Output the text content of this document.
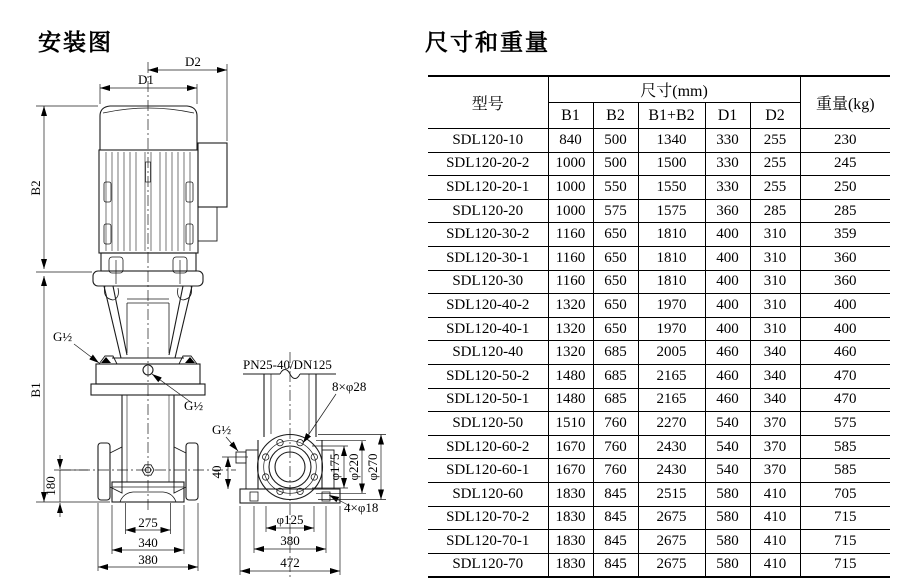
安装图	尺寸和重量
D2
D1
B2
B1
180
275
340
380
G½
G½
PN25-40/DN125
8×φ28
G½
40	φ175 φ220 φ270
φ125
380
472
4×φ18
型号	尺寸(mm)					重量(kg)
	B1	B2	B1+B2	D1	D2	
SDL120-10	840	500	1340	330	255	230
SDL120-20-2	1000	500	1500	330	255	245
SDL120-20-1	1000	550	1550	330	255	250
SDL120-20	1000	575	1575	360	285	285
SDL120-30-2	1160	650	1810	400	310	359
SDL120-30-1	1160	650	1810	400	310	360
SDL120-30	1160	650	1810	400	310	360
SDL120-40-2	1320	650	1970	400	310	400
SDL120-40-1	1320	650	1970	400	310	400
SDL120-40	1320	685	2005	460	340	460
SDL120-50-2	1480	685	2165	460	340	470
SDL120-50-1	1480	685	2165	460	340	470
SDL120-50	1510	760	2270	540	370	575
SDL120-60-2	1670	760	2430	540	370	585
SDL120-60-1	1670	760	2430	540	370	585
SDL120-60	1830	845	2515	580	410	705
SDL120-70-2	1830	845	2675	580	410	715
SDL120-70-1	1830	845	2675	580	410	715
SDL120-70	1830	845	2675	580	410	715
